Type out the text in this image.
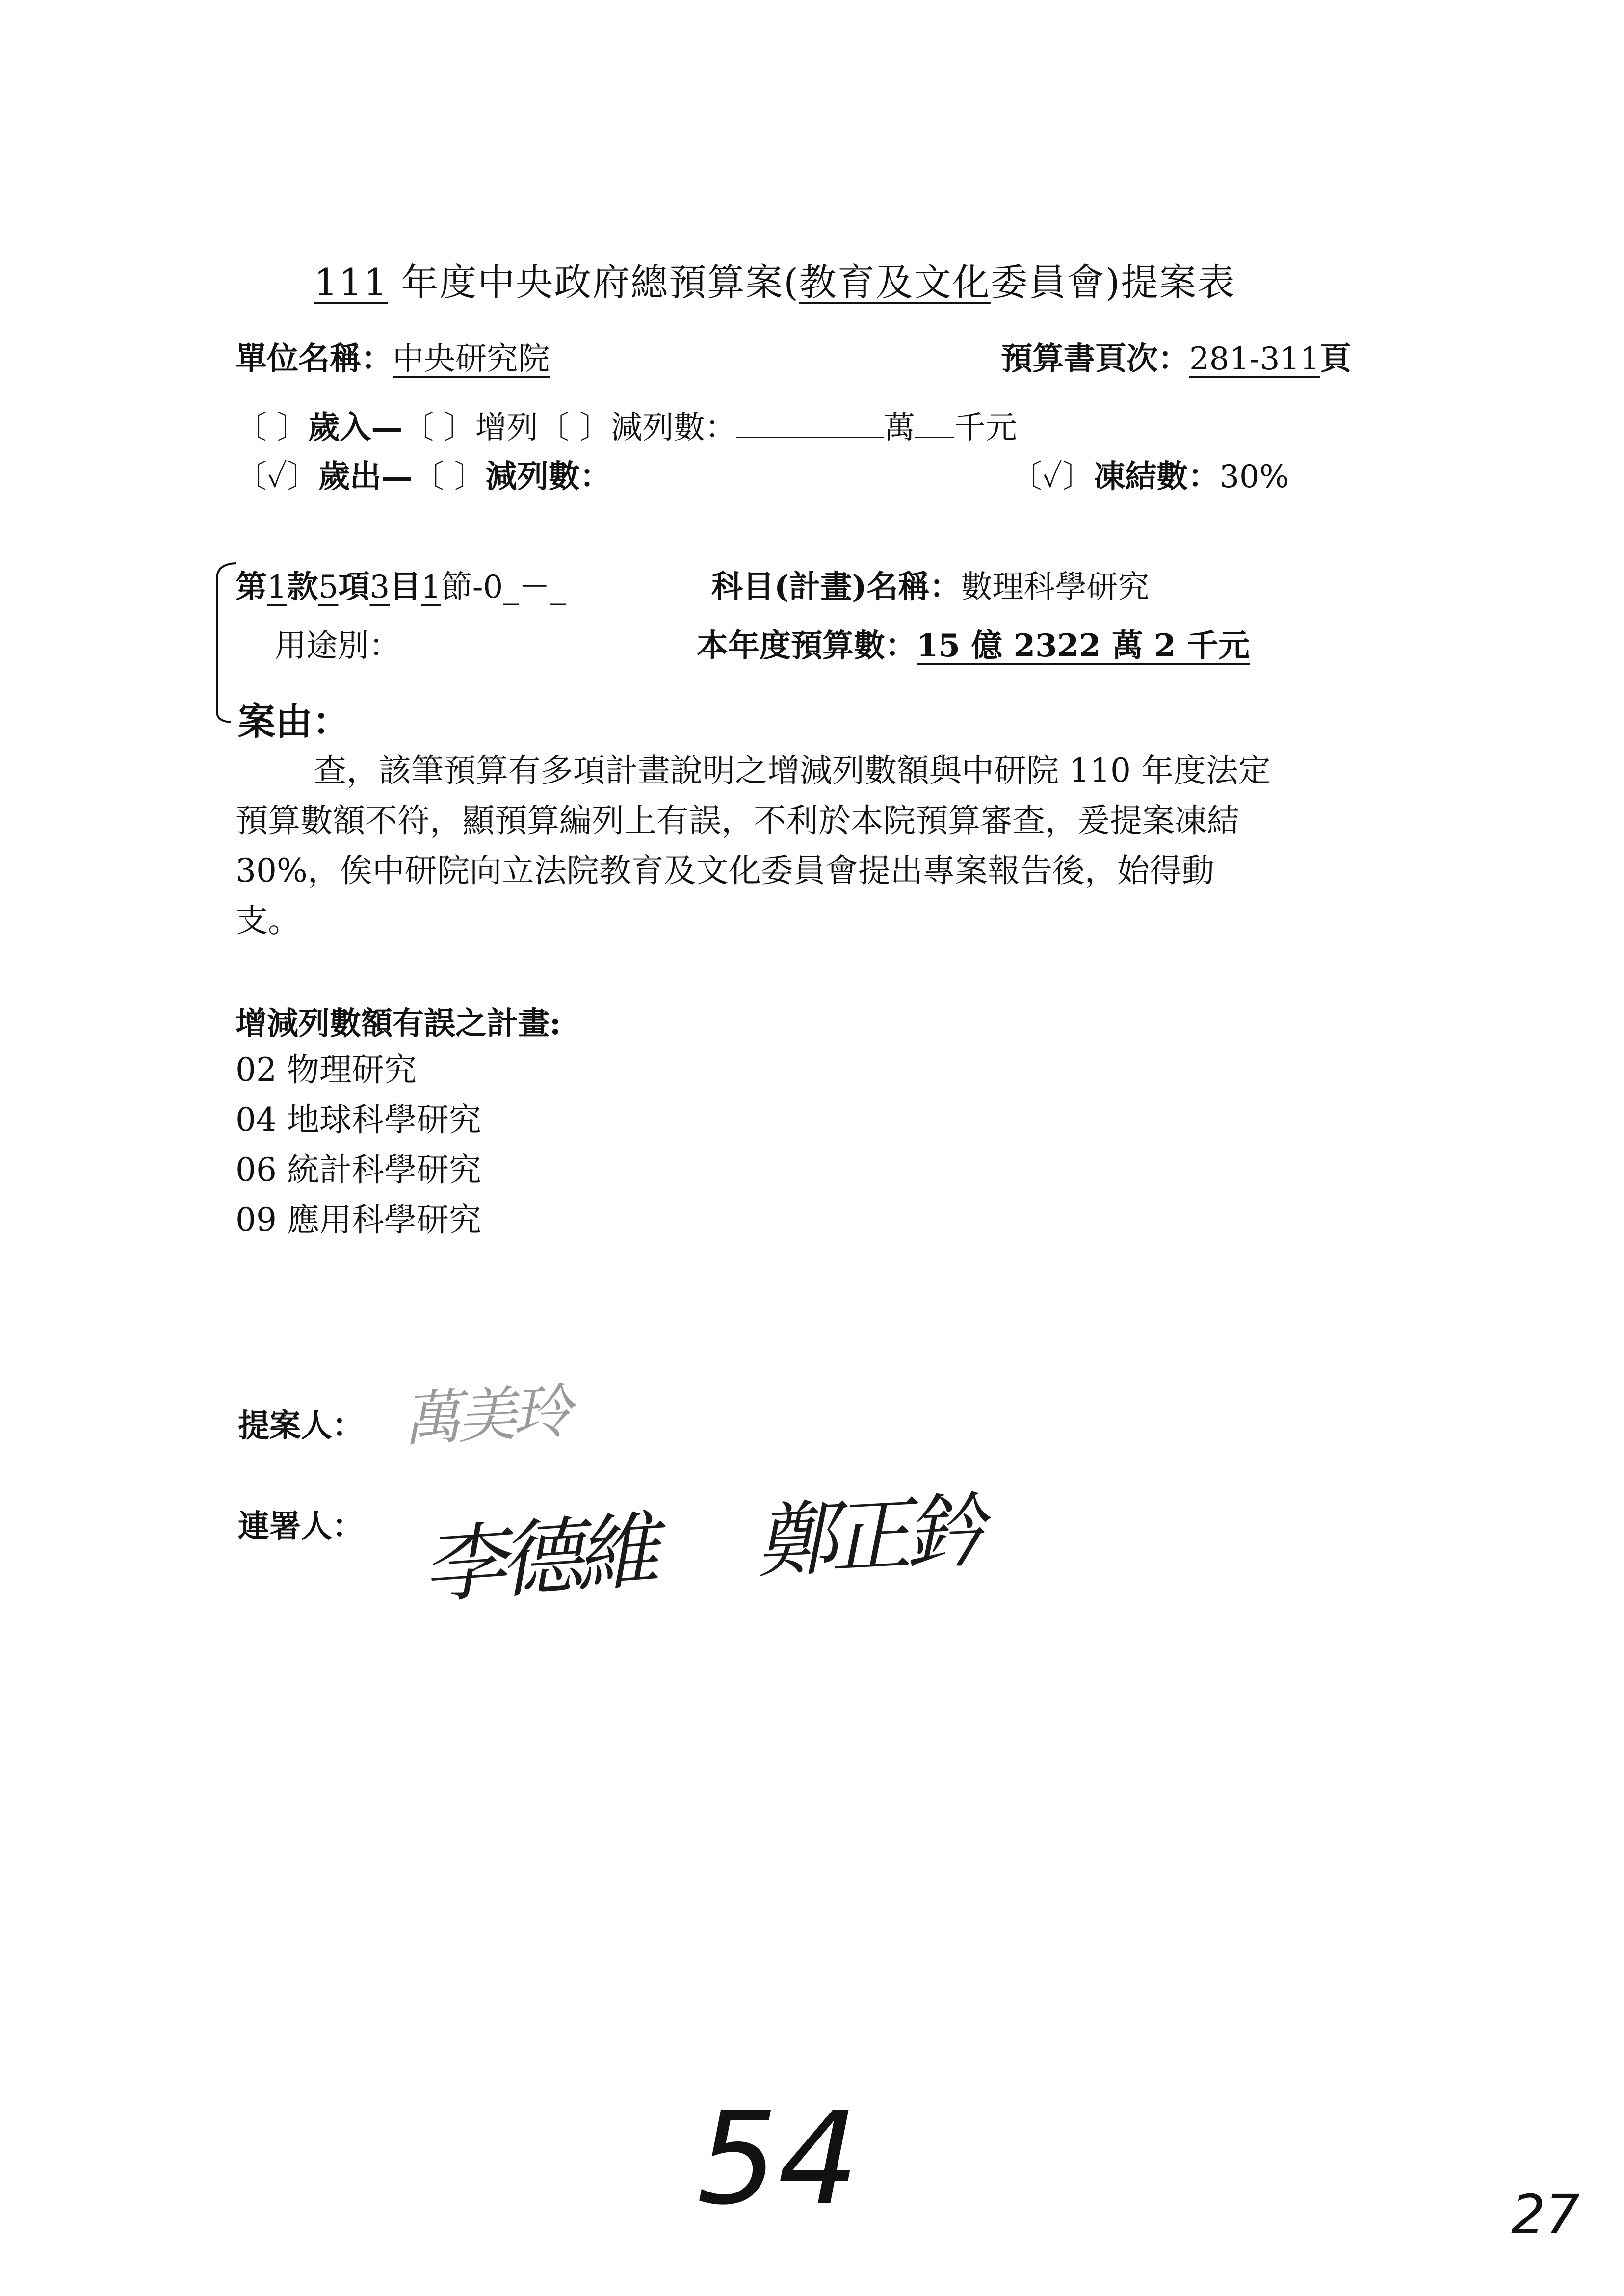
111 年度中央政府總預算案(教育及文化委員會)提案表
單位名稱：中央研究院	預算書頁次：281-311頁
〔 〕歲入—〔 〕增列〔 〕減列數：	萬 千元
〔✓〕歲出—〔 〕減列數：	〔✓〕凍結數：30%
第1款5項3目1節-0_－_	科目(計畫)名稱：數理科學研究
用途別：	本年度預算數：15 億 2322 萬 2 千元
案由：
查，該筆預算有多項計畫說明之增減列數額與中研院 110 年度法定
預算數額不符，顯預算編列上有誤，不利於本院預算審查，爰提案凍結
30%，俟中研院向立法院教育及文化委員會提出專案報告後，始得動
支。
增減列數額有誤之計畫:
02 物理研究
04 地球科學研究
06 統計科學研究
09 應用科學研究
提案人： 萬美玲
連署人： 李德維 鄭正鈐
54	27
